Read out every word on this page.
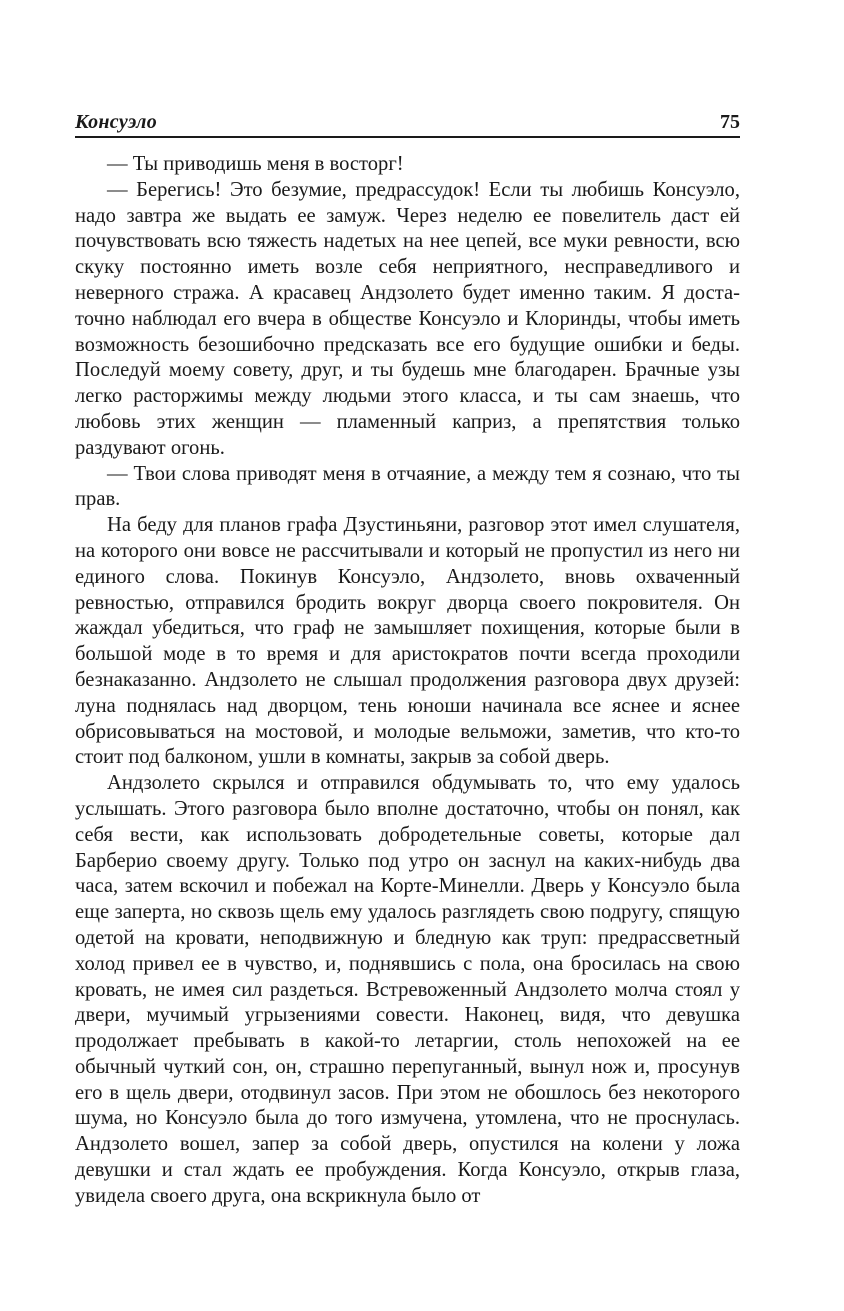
Консуэло	75

— Ты приводишь меня в восторг!

— Берегись! Это безумие, предрассудок! Если ты любишь Консуэло, надо завтра же выдать ее замуж. Через неделю ее повелитель даст ей почувствовать всю тяжесть надетых на нее цепей, все муки ревности, всю скуку постоянно иметь возле себя неприятного, несправедливого и неверного стража. А красавец Андзолето будет именно таким. Я достаточно наблюдал его вчера в обществе Консуэло и Клоринды, чтобы иметь возможность безошибочно предсказать все его будущие ошибки и беды. Последуй моему совету, друг, и ты будешь мне благодарен. Брачные узы легко расторжимы между людьми этого класса, и ты сам знаешь, что любовь этих женщин — пламенный каприз, а препятствия только раздувают огонь.

— Твои слова приводят меня в отчаяние, а между тем я сознаю, что ты прав.

На беду для планов графа Дзустиньяни, разговор этот имел слушателя, на которого они вовсе не рассчитывали и который не пропустил из него ни единого слова. Покинув Консуэло, Андзолето, вновь охваченный ревностью, отправился бродить вокруг дворца своего покровителя. Он жаждал убедиться, что граф не замышляет похищения, которые были в большой моде в то время и для аристократов почти всегда проходили безнаказанно. Андзолето не слышал продолжения разговора двух друзей: луна поднялась над дворцом, тень юноши начинала все яснее и яснее обрисовываться на мостовой, и молодые вельможи, заметив, что кто-то стоит под балконом, ушли в комнаты, закрыв за собой дверь.

Андзолето скрылся и отправился обдумывать то, что ему удалось услышать. Этого разговора было вполне достаточно, чтобы он понял, как себя вести, как использовать добродетельные советы, которые дал Барберио своему другу. Только под утро он заснул на каких-нибудь два часа, затем вскочил и побежал на Корте-Минелли. Дверь у Консуэло была еще заперта, но сквозь щель ему удалось разглядеть свою подругу, спящую одетой на кровати, неподвижную и бледную как труп: предрассветный холод привел ее в чувство, и, поднявшись с пола, она бросилась на свою кровать, не имея сил раздеться. Встревоженный Андзолето молча стоял у двери, мучимый угрызениями совести. Наконец, видя, что девушка продолжает пребывать в какой-то летаргии, столь непохожей на ее обычный чуткий сон, он, страшно перепуганный, вынул нож и, просунув его в щель двери, отодвинул засов. При этом не обошлось без некоторого шума, но Консуэло была до того измучена, утомлена, что не проснулась. Андзолето вошел, запер за собой дверь, опустился на колени у ложа девушки и стал ждать ее пробуждения. Когда Консуэло, открыв глаза, увидела своего друга, она вскрикнула было от
